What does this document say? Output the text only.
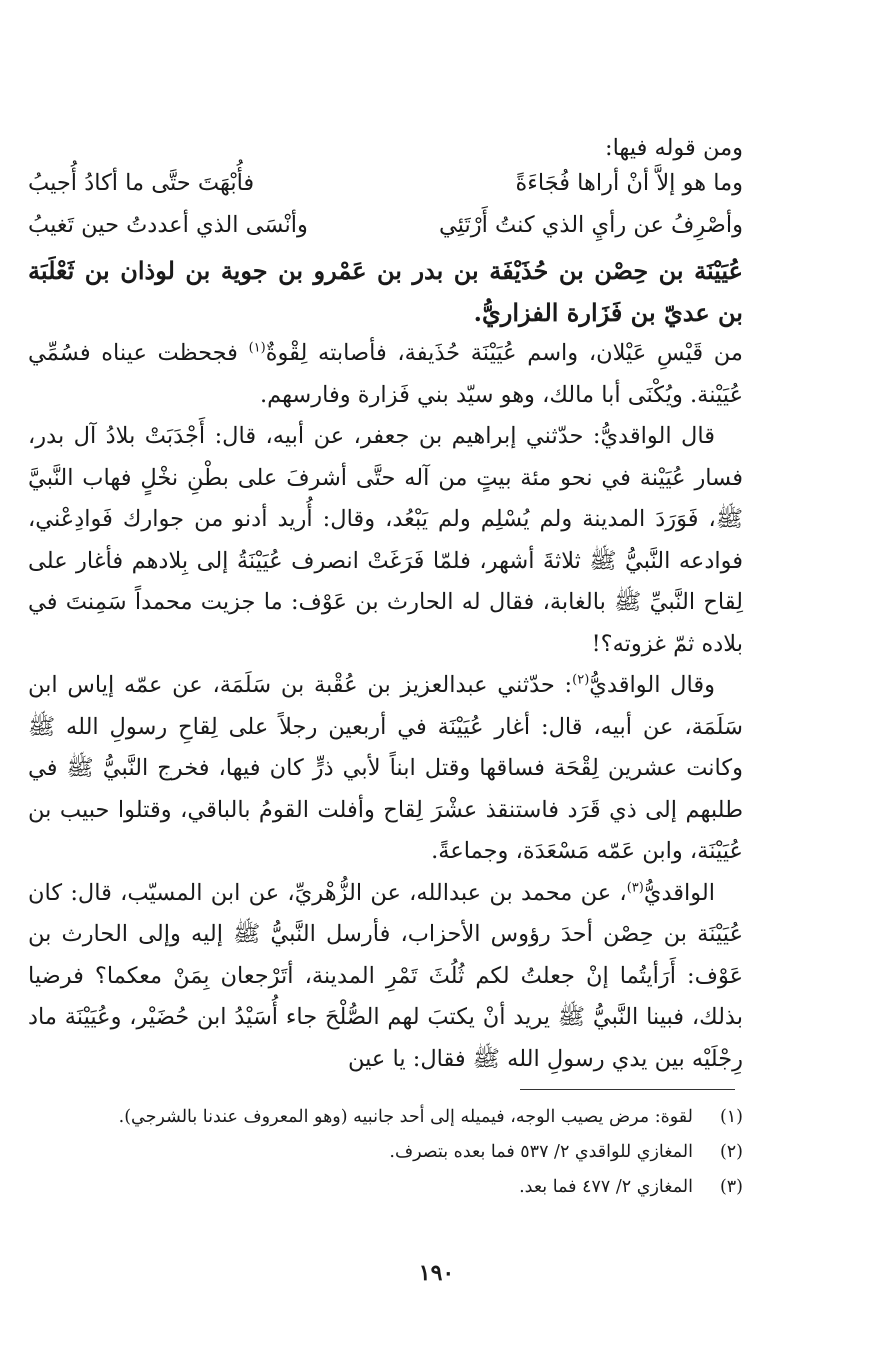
ومن قوله فيها:
وما هو إلاَّ أنْ أراها فُجَاءَةً
فأُبْهَتَ حتَّى ما أكادُ أُجيبُ
وأصْرِفُ عن رأيِ الذي كنتُ أَرْتَئِي
وأنْسَى الذي أعددتُ حين تَغيبُ
عُيَيْنَة بن حِصْن بن حُذَيْفَة بن بدر بن عَمْرو بن جوية بن لوذان بن ثَعْلَبَة بن عديّ بن فَزَارة الفزاريُّ.

من قَيْسِ عَيْلان، واسم عُيَيْنَة حُذَيفة، فأصابته لِقْوةٌ$^{(١)}$ فجحظت عيناه فسُمِّي عُيَيْنة. ويُكْنَى أبا مالك، وهو سيّد بني فَزارة وفارسهم.

قال الواقديُّ: حدّثني إبراهيم بن جعفر، عن أبيه، قال: أَجْدَبَتْ بلادُ آل بدر، فسار عُيَيْنة في نحو مئة بيتٍ من آله حتَّى أشرفَ على بطْنِ نخْلٍ فهاب النَّبيَّ ﷺ، فَوَرَدَ المدينة ولم يُسْلِم ولم يَبْعُد، وقال: أُريد أدنو من جوارك فَوادِعْني، فوادعه النَّبيُّ ﷺ ثلاثةَ أشهر، فلمّا فَرَغَتْ انصرف عُيَيْنَةُ إلى بِلادهم فأغار على لِقاح النَّبيِّ ﷺ بالغابة، فقال له الحارث بن عَوْف: ما جزيت محمداً سَمِنتَ في بلاده ثمّ غزوته؟!

وقال الواقديُّ$^{(٢)}$: حدّثني عبدالعزيز بن عُقْبة بن سَلَمَة، عن عمّه إياس ابن سَلَمَة، عن أبيه، قال: أغار عُيَيْنَة في أربعين رجلاً على لِقاحِ رسولِ الله ﷺ وكانت عشرين لِقْحَة فساقها وقتل ابناً لأبي ذرٍّ كان فيها، فخرج النَّبيُّ ﷺ في طلبهم إلى ذي قَرَد فاستنقذ عشْرَ لِقاح وأفلت القومُ بالباقي، وقتلوا حبيب بن عُيَيْنَة، وابن عَمّه مَسْعَدَة، وجماعةً.

الواقديُّ$^{(٣)}$، عن محمد بن عبدالله، عن الزُّهْريِّ، عن ابن المسيّب، قال: كان عُيَيْنَة بن حِصْن أحدَ رؤوس الأحزاب، فأرسل النَّبيُّ ﷺ إليه وإلى الحارث بن عَوْف: أَرَأيتُما إنْ جعلتُ لكم ثُلُثَ تَمْرِ المدينة، أتَرْجعان بِمَنْ معكما؟ فرضيا بذلك، فبينا النَّبيُّ ﷺ يريد أنْ يكتبَ لهم الصُّلْحَ جاء أُسَيْدُ ابن حُضَيْر، وعُيَيْنَة ماد رِجْلَيْه بين يدي رسولِ الله ﷺ فقال: يا عين

(١)
لقوة: مرض يصيب الوجه، فيميله إلى أحد جانبيه (وهو المعروف عندنا بالشرجي).
(٢)
المغازي للواقدي ٢/ ٥٣٧ فما بعده بتصرف.
(٣)
المغازي ٢/ ٤٧٧ فما بعد.
١٩٠
